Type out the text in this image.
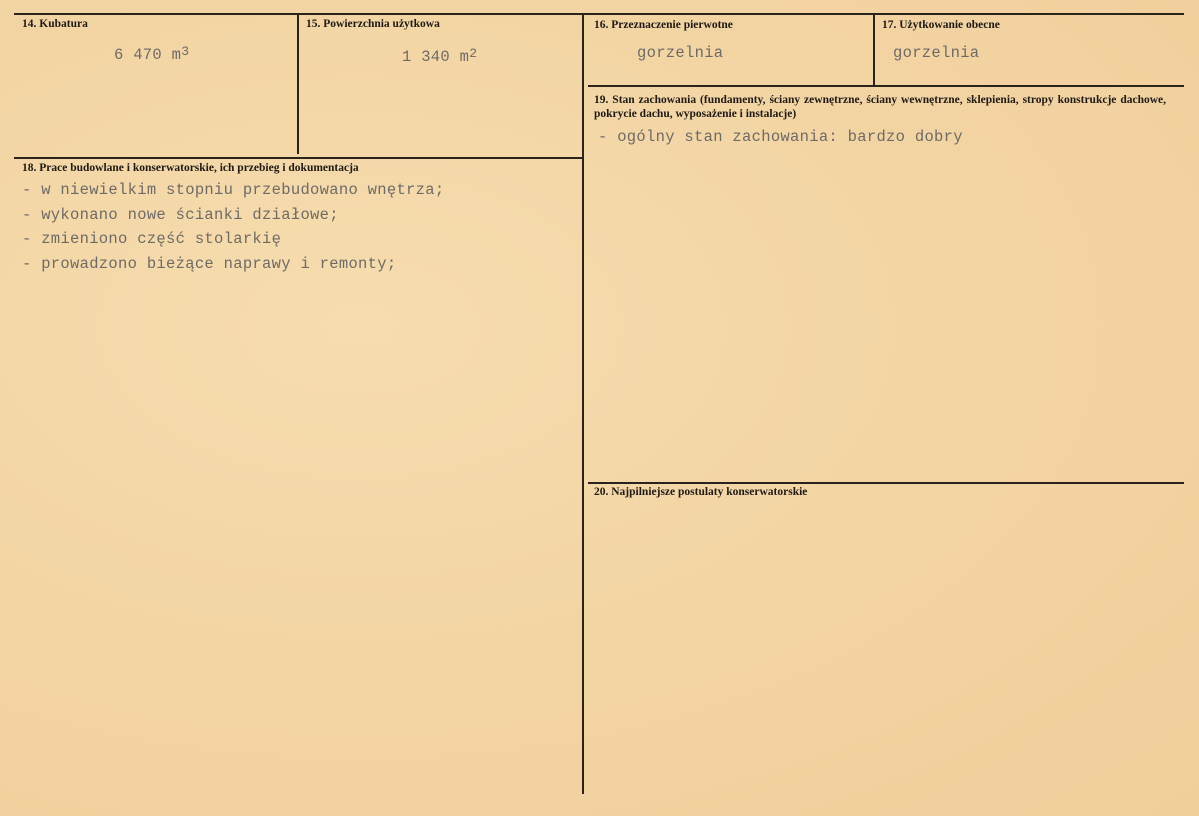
14. Kubatura
6 470 $m^3$
15. Powierzchnia użytkowa
1 340 $m^2$
16. Przeznaczenie pierwotne
gorzelnia
17. Użytkowanie obecne
gorzelnia
18. Prace budowlane i konserwatorskie, ich przebieg i dokumentacja
- w niewielkim stopniu przebudowano wnętrza;
- wykonano nowe ścianki działowe;
- zmieniono część stolarkię
- prowadzono bieżące naprawy i remonty;
19. Stan zachowania (fundamenty, ściany zewnętrzne, ściany wewnętrzne, sklepienia, stropy konstrukcje dachowe, pokrycie dachu, wyposażenie i instalacje)
- ogólny stan zachowania: bardzo dobry
20. Najpilniejsze postulaty konserwatorskie
